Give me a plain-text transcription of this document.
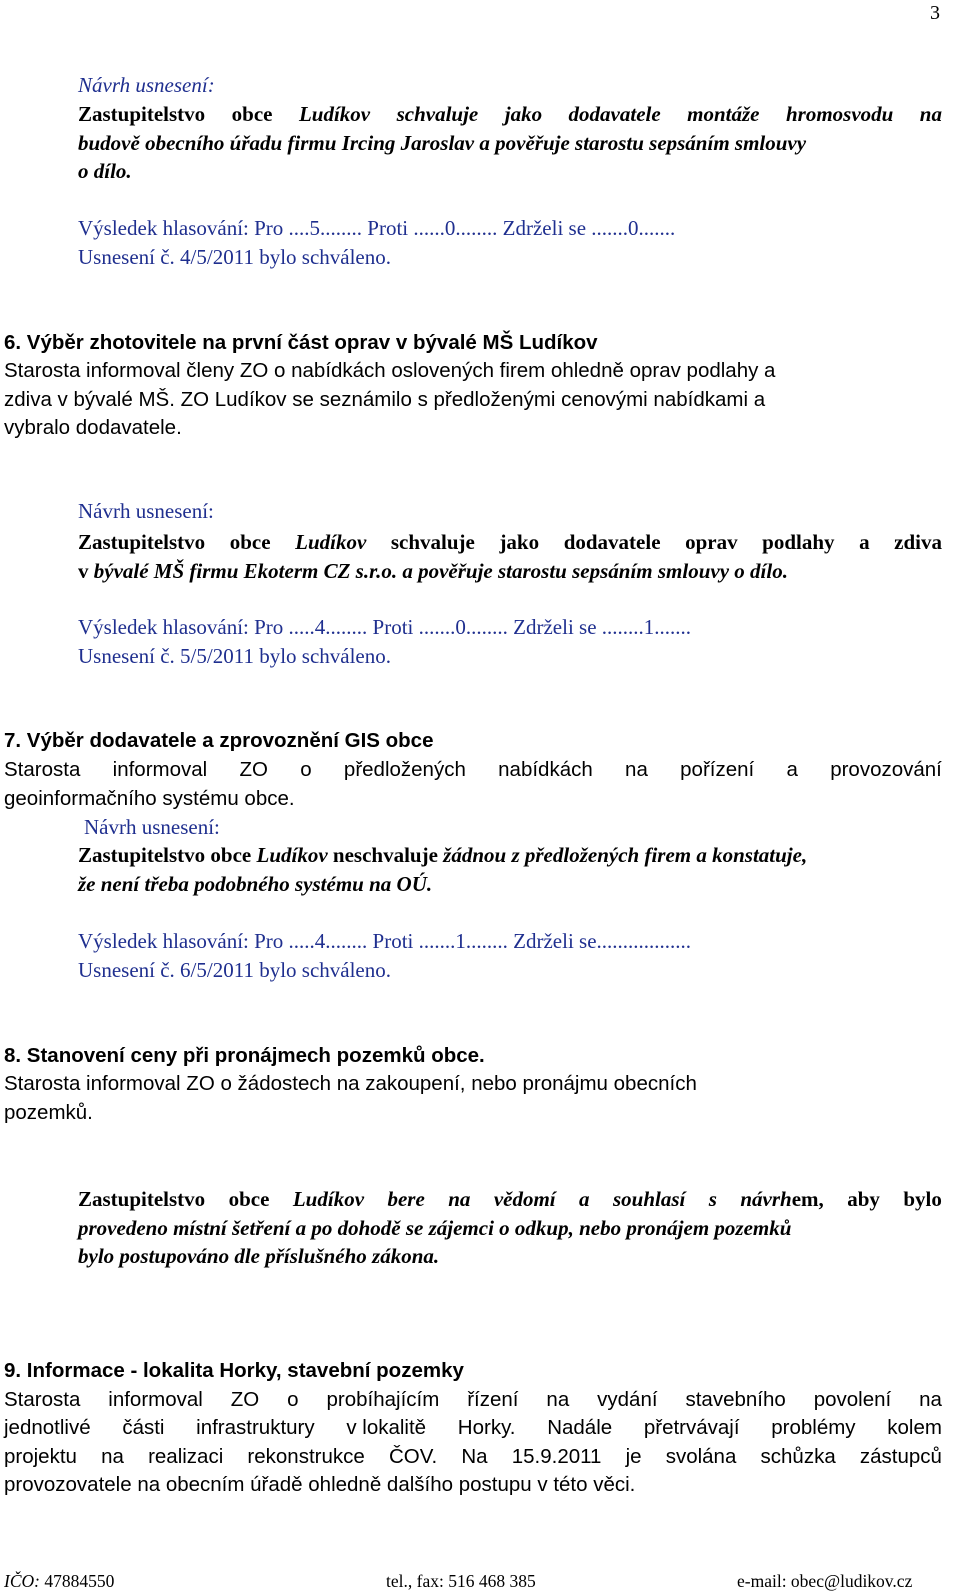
3
Návrh usnesení:
Zastupitelstvo obce Ludíkov schvaluje jako dodavatele montáže hromosvodu na
budově obecního úřadu firmu Ircing Jaroslav a pověřuje starostu sepsáním smlouvy
o dílo.
Výsledek hlasování: Pro ....5........ Proti ......0........ Zdrželi se .......0.......
Usnesení č. 4/5/2011 bylo schváleno.
6. Výběr zhotovitele na první část oprav v bývalé MŠ Ludíkov
Starosta informoval členy ZO o nabídkách oslovených firem ohledně oprav podlahy a
zdiva v bývalé MŠ. ZO Ludíkov se seznámilo s předloženými cenovými nabídkami a
vybralo dodavatele.
Návrh usnesení:
Zastupitelstvo obce Ludíkov schvaluje jako dodavatele oprav podlahy a zdiva
v bývalé MŠ firmu Ekoterm CZ s.r.o. a pověřuje starostu sepsáním smlouvy o dílo.
Výsledek hlasování: Pro .....4........ Proti .......0........ Zdrželi se ........1.......
Usnesení č. 5/5/2011 bylo schváleno.
7. Výběr dodavatele a zprovoznění GIS obce
Starosta informoval ZO o předložených nabídkách na pořízení a provozování
geoinformačního systému obce.
Návrh usnesení:
Zastupitelstvo obce Ludíkov neschvaluje žádnou z předložených firem a konstatuje,
že není třeba podobného systému na OÚ.
Výsledek hlasování: Pro .....4........ Proti .......1........ Zdrželi se..................
Usnesení č. 6/5/2011 bylo schváleno.
8. Stanovení ceny při pronájmech pozemků obce.
Starosta informoval ZO o žádostech na zakoupení, nebo pronájmu obecních
pozemků.
Zastupitelstvo obce Ludíkov bere na vědomí a souhlasí s návrhem, aby bylo
provedeno místní šetření a po dohodě se zájemci o odkup, nebo pronájem pozemků
bylo postupováno dle příslušného zákona.
9. Informace - lokalita Horky, stavební pozemky
Starosta informoval ZO o probíhajícím řízení na vydání stavebního povolení na
jednotlivé části infrastruktury v lokalitě Horky. Nadále přetrvávají problémy kolem
projektu na realizaci rekonstrukce ČOV. Na 15.9.2011 je svolána schůzka zástupců
provozovatele na obecním úřadě ohledně dalšího postupu v této věci.
IČO: 47884550	tel., fax: 516 468 385	e-mail: obec@ludikov.cz
